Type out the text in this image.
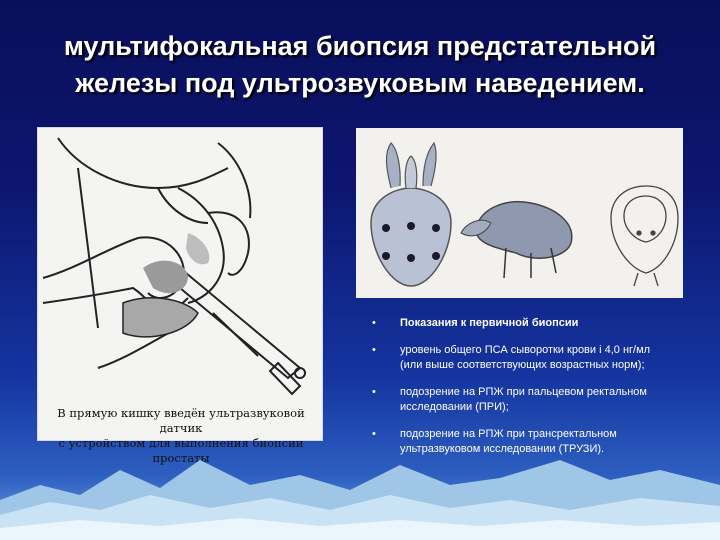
мультифокальная биопсия предстательной
железы под ультрозвуковым наведением.
В прямую кишку введён ультразвуковой датчик
с устройством для выполнения биопсии простаты
• Показания к первичной биопсии
• уровень общего ПСА сыворотки крови i 4,0 нг/мл (или выше соответствующих возрастных норм);
• подозрение на РПЖ при пальцевом ректальном исследовании (ПРИ);
• подозрение на РПЖ при трансректальном ультразвуковом исследовании (ТРУЗИ).
